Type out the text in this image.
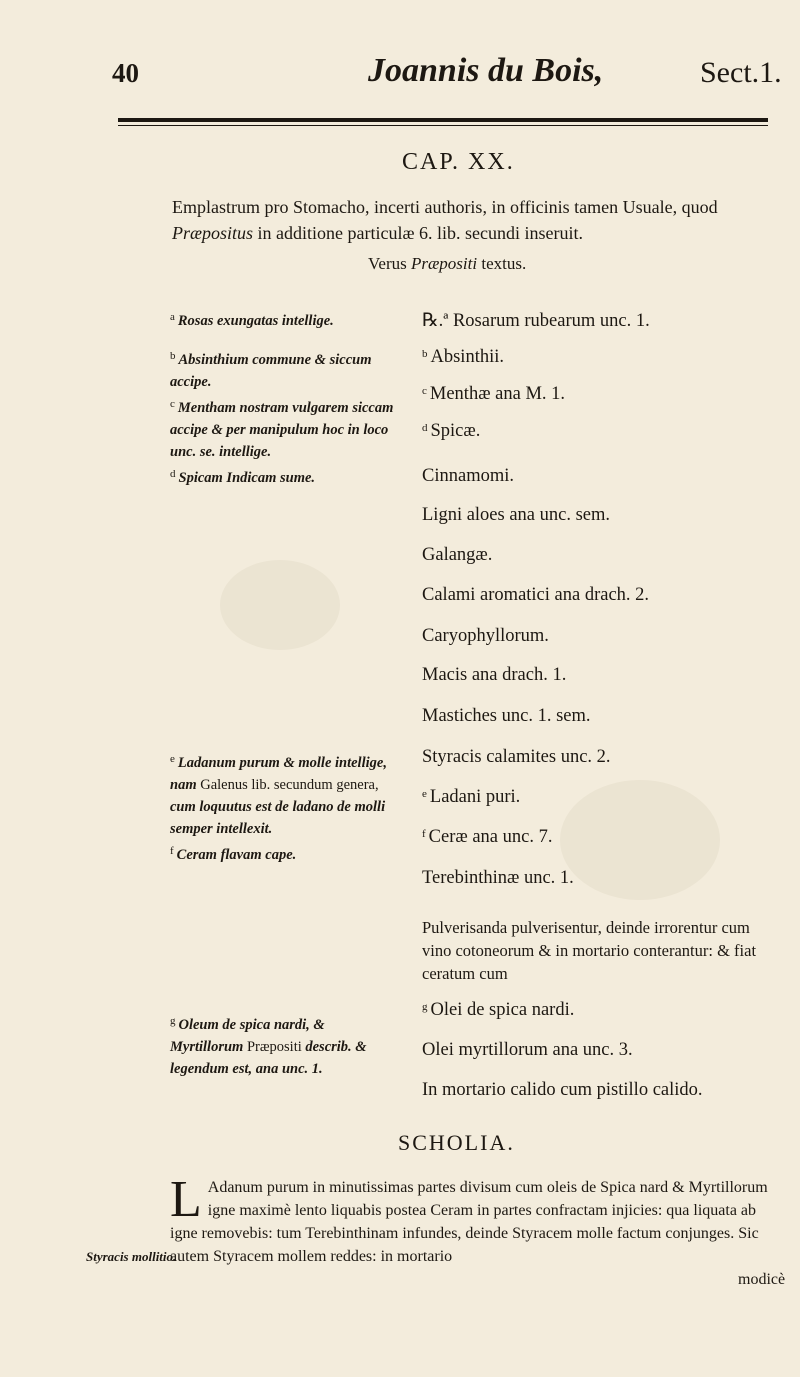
40	Joannis du Bois,	Sect.1.
CAP. XX.
Emplastrum pro Stomacho, incerti authoris, in officinis tamen Usuale, quod
Præpositus in additione particulæ 6. lib. secundi inseruit.
Verus Præpositi textus.

$^a$ Rosas exungatas intellige.

$^b$ Absinthium commune & siccum accipe.

$^c$ Mentham nostram vulgarem siccam accipe & per manipulum hoc in loco unc. se. intellige.

$^d$ Spicam Indicam sume.

$^e$ Ladanum purum & molle intellige, nam Galenus lib. secundum genera, cum loquutus est de ladano de molli semper intellexit.

$^f$ Ceram flavam cape.

$^g$ Oleum de spica nardi, & Myrtillorum Præpositi describ. & legendum est, ana unc. 1.

℞.ª Rosarum rubearum unc. 1.
$^b$ Absinthii.
$^c$ Menthæ ana M. 1.
$^d$ Spicæ.
Cinnamomi.
Ligni aloes ana unc. sem.
Galangæ.
Calami aromatici ana drach. 2.
Caryophyllorum.
Macis ana drach. 1.
Mastiches unc. 1. sem.
Styracis calamites unc. 2.
$^e$ Ladani puri.
$^f$ Ceræ ana unc. 7.
Terebinthinæ unc. 1.
$^g$ Olei de spica nardi.
Olei myrtillorum ana unc. 3.
In mortario calido cum pistillo calido.
Pulverisanda pulverisentur, deinde irrorentur cum vino cotoneorum & in mortario conterantur: & fiat ceratum cum
SCHOLIA.

L Adanum purum in minutissimas partes divisum cum oleis de Spica nard & Myrtillorum igne maximè lento liquabis postea Ceram in partes confractam injicies: qua liquata ab igne removebis: tum Terebinthinam infundes, deinde Styracem molle factum conjunges. Sic autem Styracem mollem reddes: in mortario

Styracis mollitio.
modicè
